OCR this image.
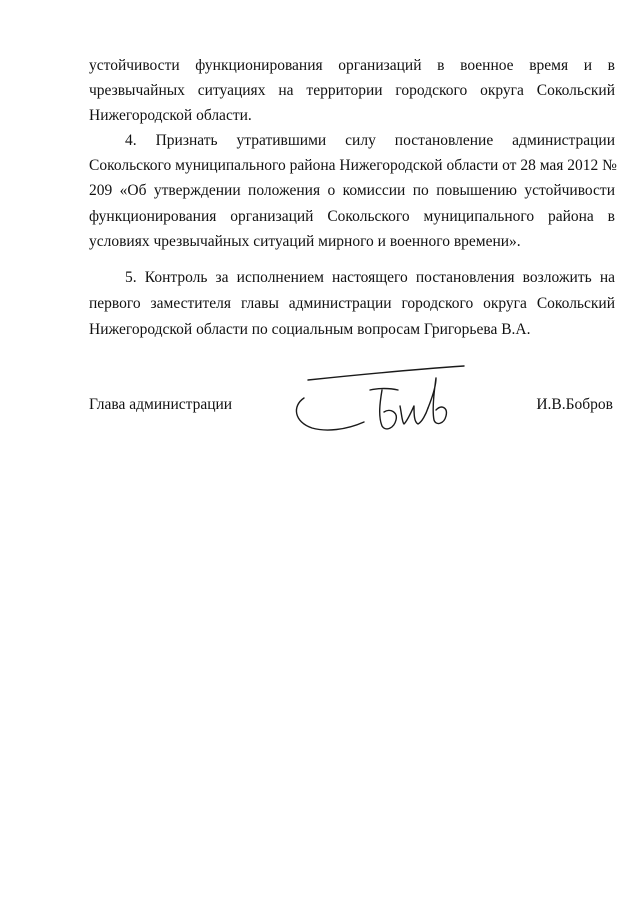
устойчивости функционирования организаций в военное время и в
чрезвычайных ситуациях на территории городского округа Сокольский
Нижегородской области.
4. Признать утратившими силу постановление администрации
Сокольского муниципального района Нижегородской области от 28 мая 2012 №
209 «Об утверждении положения о комиссии по повышению устойчивости
функционирования организаций Сокольского муниципального района в
условиях чрезвычайных ситуаций мирного и военного времени».
5. Контроль за исполнением настоящего постановления возложить на
первого заместителя главы администрации городского округа Сокольский
Нижегородской области по социальным вопросам Григорьева В.А.
Глава администрации	И.В.Бобров
